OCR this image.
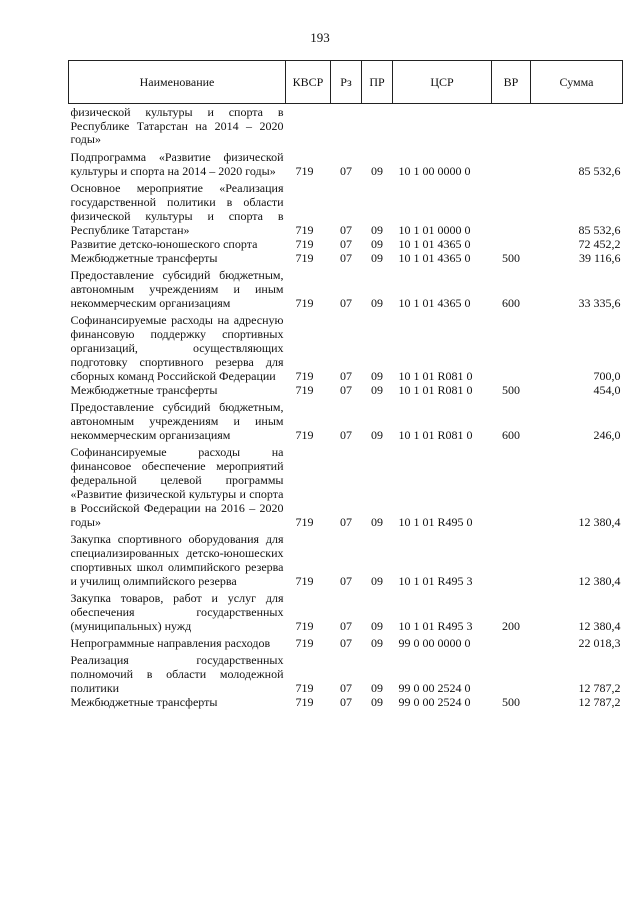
193
Наименование	КВСР	Рз	ПР	ЦСР	ВР	Сумма
физической культуры и спорта в Республике Татарстан на 2014 – 2020 годы»						
Подпрограмма «Развитие физической культуры и спорта на 2014 – 2020 годы»	719	07	09	10 1 00 0000 0		85 532,6
Основное мероприятие «Реализация государственной политики в области физической культуры и спорта в Республике Татарстан»	719	07	09	10 1 01 0000 0		85 532,6
Развитие детско-юношеского спорта	719	07	09	10 1 01 4365 0		72 452,2
Межбюджетные трансферты	719	07	09	10 1 01 4365 0	500	39 116,6
Предоставление субсидий бюджетным, автономным учреждениям и иным некоммерческим организациям	719	07	09	10 1 01 4365 0	600	33 335,6
Софинансируемые расходы на адресную финансовую поддержку спортивных организаций, осуществляющих подготовку спортивного резерва для сборных команд Российской Федерации	719	07	09	10 1 01 R081 0		700,0
Межбюджетные трансферты	719	07	09	10 1 01 R081 0	500	454,0
Предоставление субсидий бюджетным, автономным учреждениям и иным некоммерческим организациям	719	07	09	10 1 01 R081 0	600	246,0
Софинансируемые расходы на финансовое обеспечение мероприятий федеральной целевой программы «Развитие физической культуры и спорта в Российской Федерации на 2016 – 2020 годы»	719	07	09	10 1 01 R495 0		12 380,4
Закупка спортивного оборудования для специализированных детско-юношеских спортивных школ олимпийского резерва и училищ олимпийского резерва	719	07	09	10 1 01 R495 3		12 380,4
Закупка товаров, работ и услуг для обеспечения государственных (муниципальных) нужд	719	07	09	10 1 01 R495 3	200	12 380,4
Непрограммные направления расходов	719	07	09	99 0 00 0000 0		22 018,3
Реализация государственных полномочий в области молодежной политики	719	07	09	99 0 00 2524 0		12 787,2
Межбюджетные трансферты	719	07	09	99 0 00 2524 0	500	12 787,2
